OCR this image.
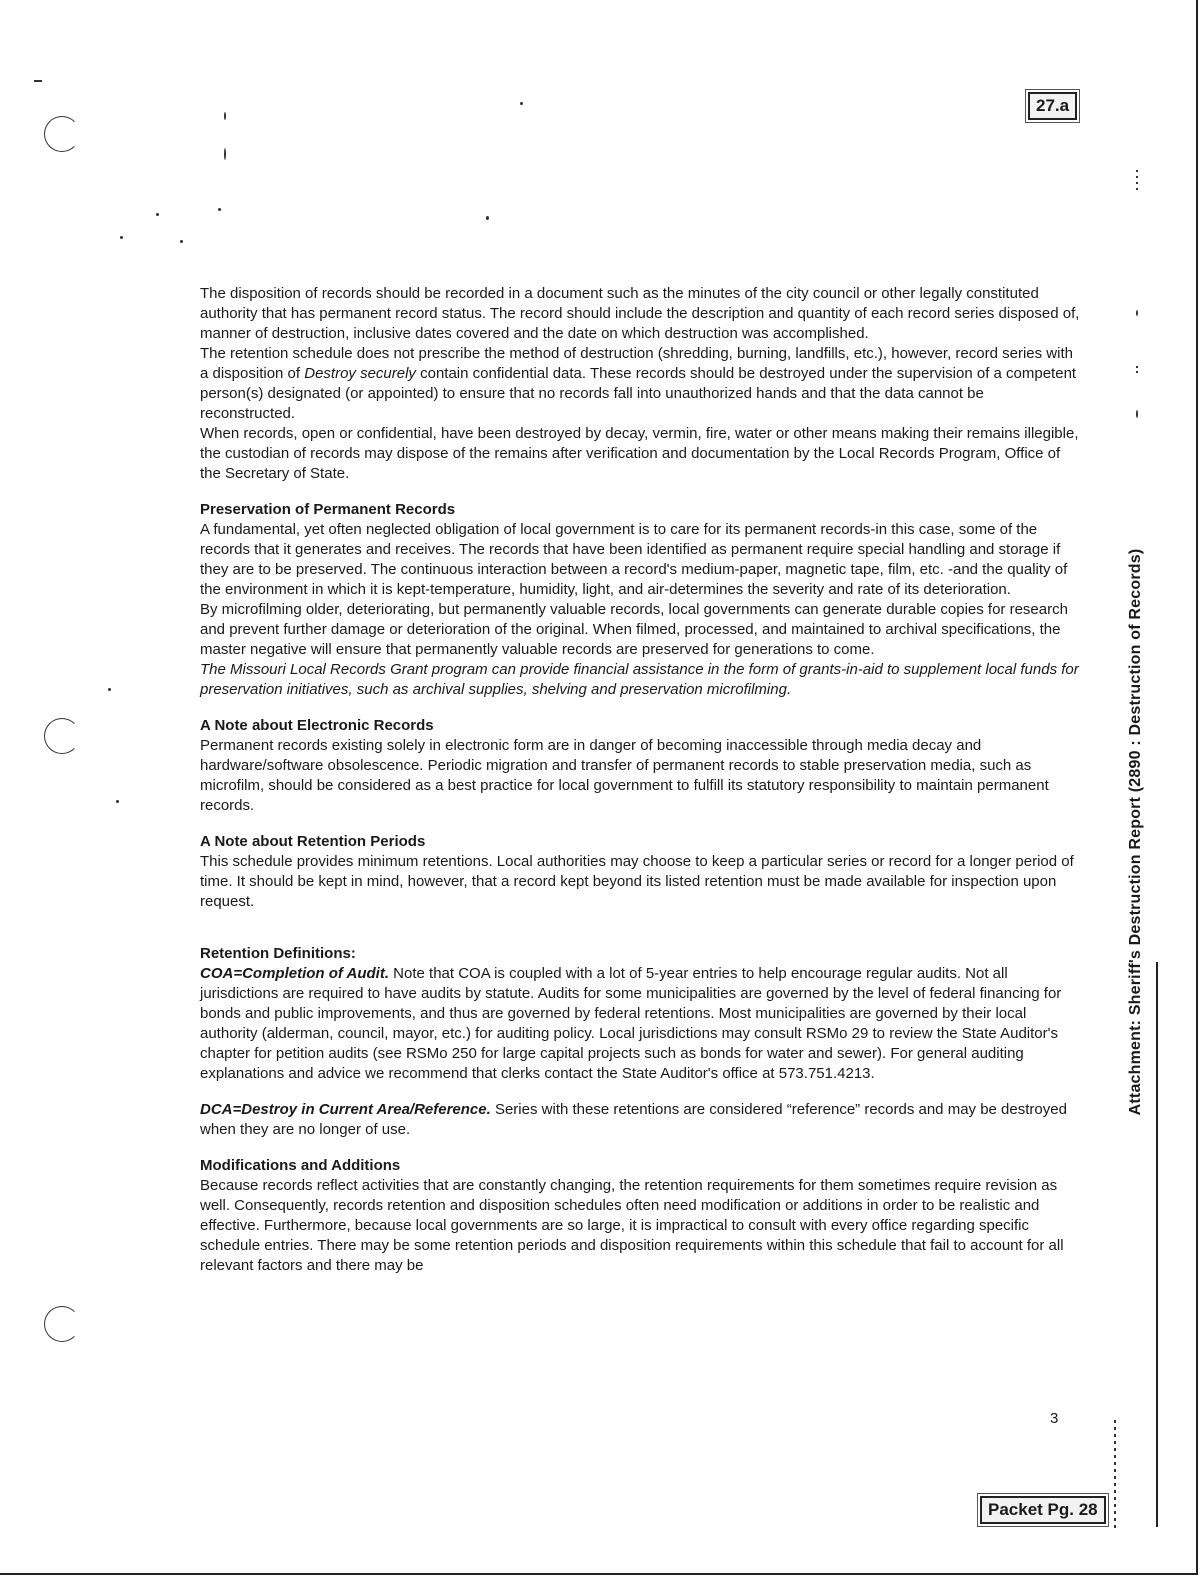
27.a
Packet Pg. 28
Attachment: Sheriff's Destruction Report (2890 : Destruction of Records)

The disposition of records should be recorded in a document such as the minutes of the city council or other legally constituted authority that has permanent record status. The record should include the description and quantity of each record series disposed of, manner of destruction, inclusive dates covered and the date on which destruction was accomplished.

The retention schedule does not prescribe the method of destruction (shredding, burning, landfills, etc.), however, record series with a disposition of Destroy securely contain confidential data. These records should be destroyed under the supervision of a competent person(s) designated (or appointed) to ensure that no records fall into unauthorized hands and that the data cannot be reconstructed.

When records, open or confidential, have been destroyed by decay, vermin, fire, water or other means making their remains illegible, the custodian of records may dispose of the remains after verification and documentation by the Local Records Program, Office of the Secretary of State.

Preservation of Permanent Records

A fundamental, yet often neglected obligation of local government is to care for its permanent records-in this case, some of the records that it generates and receives. The records that have been identified as permanent require special handling and storage if they are to be preserved. The continuous interaction between a record's medium-paper, magnetic tape, film, etc. -and the quality of the environment in which it is kept-temperature, humidity, light, and air-determines the severity and rate of its deterioration.

By microfilming older, deteriorating, but permanently valuable records, local governments can generate durable copies for research and prevent further damage or deterioration of the original. When filmed, processed, and maintained to archival specifications, the master negative will ensure that permanently valuable records are preserved for generations to come.

The Missouri Local Records Grant program can provide financial assistance in the form of grants-in-aid to supplement local funds for preservation initiatives, such as archival supplies, shelving and preservation microfilming.

A Note about Electronic Records

Permanent records existing solely in electronic form are in danger of becoming inaccessible through media decay and hardware/software obsolescence. Periodic migration and transfer of permanent records to stable preservation media, such as microfilm, should be considered as a best practice for local government to fulfill its statutory responsibility to maintain permanent records.

A Note about Retention Periods

This schedule provides minimum retentions. Local authorities may choose to keep a particular series or record for a longer period of time. It should be kept in mind, however, that a record kept beyond its listed retention must be made available for inspection upon request.

Retention Definitions:

COA=Completion of Audit. Note that COA is coupled with a lot of 5-year entries to help encourage regular audits. Not all jurisdictions are required to have audits by statute. Audits for some municipalities are governed by the level of federal financing for bonds and public improvements, and thus are governed by federal retentions. Most municipalities are governed by their local authority (alderman, council, mayor, etc.) for auditing policy. Local jurisdictions may consult RSMo 29 to review the State Auditor's chapter for petition audits (see RSMo 250 for large capital projects such as bonds for water and sewer). For general auditing explanations and advice we recommend that clerks contact the State Auditor's office at 573.751.4213.

DCA=Destroy in Current Area/Reference. Series with these retentions are considered “reference” records and may be destroyed when they are no longer of use.

Modifications and Additions

Because records reflect activities that are constantly changing, the retention requirements for them sometimes require revision as well. Consequently, records retention and disposition schedules often need modification or additions in order to be realistic and effective. Furthermore, because local governments are so large, it is impractical to consult with every office regarding specific schedule entries. There may be some retention periods and disposition requirements within this schedule that fail to account for all relevant factors and there may be

3
